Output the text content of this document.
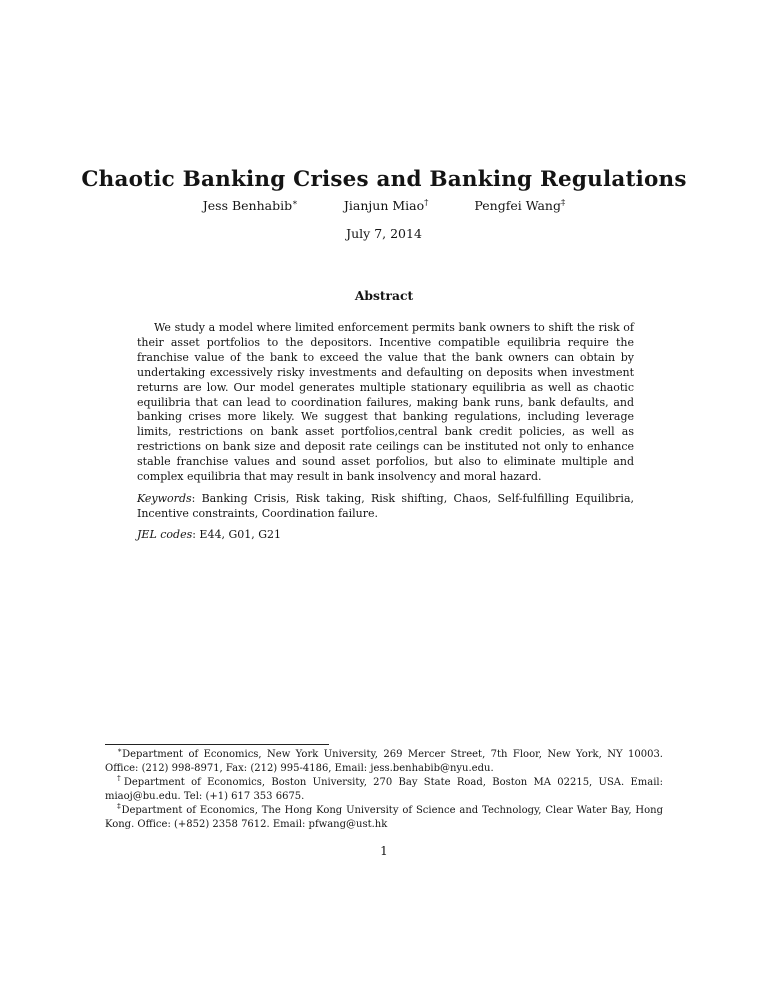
Chaotic Banking Crises and Banking Regulations
Jess Benhabib∗	Jianjun Miao†	Pengfei Wang‡
July 7, 2014
Abstract

We study a model where limited enforcement permits bank owners to shift the risk of their asset portfolios to the depositors. Incentive compatible equilibria require the franchise value of the bank to exceed the value that the bank owners can obtain by undertaking excessively risky investments and defaulting on deposits when investment returns are low. Our model generates multiple stationary equilibria as well as chaotic equilibria that can lead to coordination failures, making bank runs, bank defaults, and banking crises more likely. We suggest that banking regulations, including leverage limits, restrictions on bank asset portfolios,central bank credit policies, as well as restrictions on bank size and deposit rate ceilings can be instituted not only to enhance stable franchise values and sound asset porfolios, but also to eliminate multiple and complex equilibria that may result in bank insolvency and moral hazard.

Keywords: Banking Crisis, Risk taking, Risk shifting, Chaos, Self-fulfilling Equilibria, Incentive constraints, Coordination failure.

JEL codes: E44, G01, G21

∗Department of Economics, New York University, 269 Mercer Street, 7th Floor, New York, NY 10003. Office: (212) 998-8971, Fax: (212) 995-4186, Email: jess.benhabib@nyu.edu.

†Department of Economics, Boston University, 270 Bay State Road, Boston MA 02215, USA. Email: miaoj@bu.edu. Tel: (+1) 617 353 6675.

‡Department of Economics, The Hong Kong University of Science and Technology, Clear Water Bay, Hong Kong. Office: (+852) 2358 7612. Email: pfwang@ust.hk

1
